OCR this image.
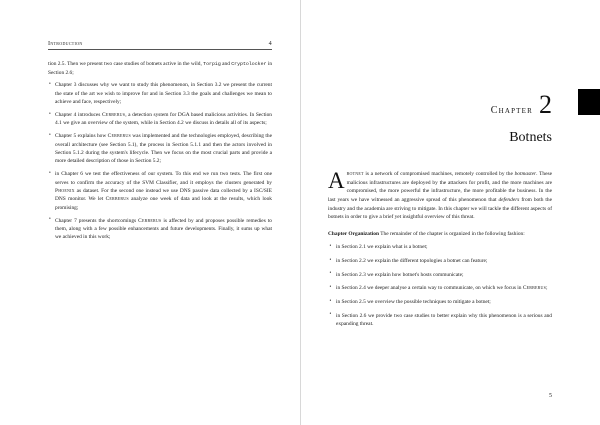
Introduction	4

tion 2.5. Then we present two case studies of botnets active in the wild, Torpig and Cryptolocker in Section 2.6;

• Chapter 3 discusses why we want to study this phenomenon, in Section 3.2 we present the current the state of the art we wish to improve for and in Section 3.3 the goals and challenges we mean to achieve and face, respectively;
• Chapter 4 introduces Cerberus, a detection system for DGA based malicious activities. In Section 4.1 we give an overview of the system, while in Section 4.2 we discuss in details all of its aspects;
• Chapter 5 explains how Cerberus was implemented and the technologies employed, describing the overall architecture (see Section 5.1), the process in Section 5.1.1 and then the actors involved in Section 5.1.2 during the system's lifecycle. Then we focus on the most crucial parts and provide a more detailed description of those in Section 5.2;
• in Chapter 6 we test the effectiveness of our system. To this end we run two tests. The first one serves to confirm the accuracy of the SVM Classifier, and it employs the clusters generated by Phoenix as dataset. For the second one instead we use DNS passive data collected by a ISC/SIE DNS monitor. We let Cerberus analyze one week of data and look at the results, which look promising;
• Chapter 7 presents the shortcomings Cerberus is affected by and proposes possible remedies to them, along with a few possible enhancements and future developments. Finally, it sums up what we achieved in this work;
Chapter 2
Botnets

A botnet is a network of compromised machines, remotely controlled by the botmaster. These malicious infrastructures are deployed by the attackers for profit, and the more machines are compromised, the more powerful the infrastructure, the more profitable the business. In the last years we have witnessed an aggressive spread of this phenomenon that defenders from both the industry and the academia are striving to mitigate. In this chapter we will tackle the different aspects of botnets in order to give a brief yet insightful overview of this threat.

Chapter Organization The remainder of the chapter is organized in the following fashion:

• in Section 2.1 we explain what is a botnet;
• in Section 2.2 we explain the different topologies a botnet can feature;
• in Section 2.3 we explain how botnet's hosts communicate;
• in Section 2.4 we deeper analyse a certain way to communicate, on which we focus in Cerberus;
• in Section 2.5 we overview the possible techniques to mitigate a botnet;
• in Section 2.6 we provide two case studies to better explain why this phenomenon is a serious and expanding threat.
5
